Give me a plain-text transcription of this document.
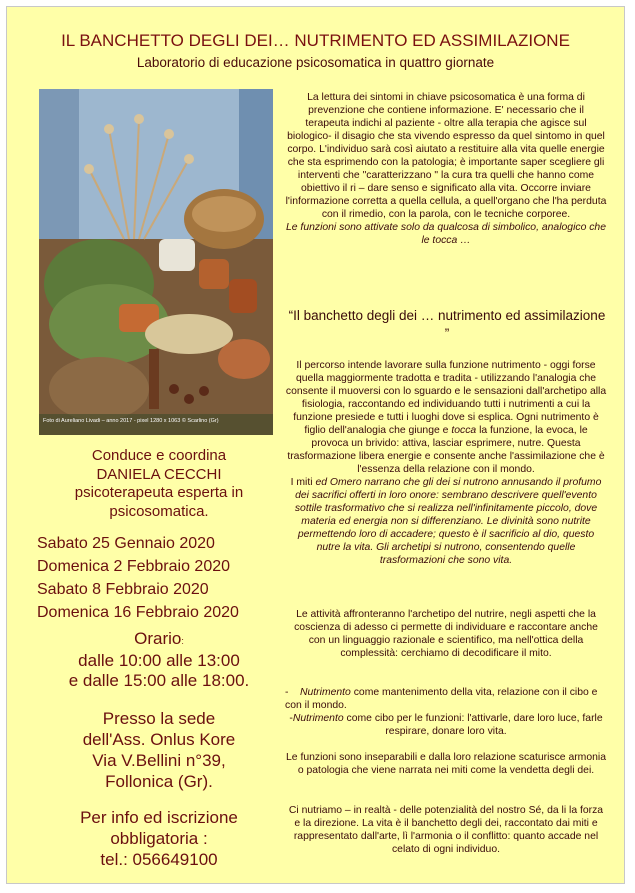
IL BANCHETTO DEGLI DEI… NUTRIMENTO ED ASSIMILAZIONE
Laboratorio di educazione psicosomatica in quattro giornate
Foto di Aureliano Livadi – anno 2017 - pixel 1280 x 1063 © Scarlino (Gr)

La lettura dei sintomi in chiave psicosomatica è una forma di prevenzione che contiene informazione. E' necessario che il terapeuta indichi al paziente - oltre alla terapia che agisce sul biologico- il disagio che sta vivendo espresso da quel sintomo in quel corpo. L'individuo sarà così aiutato a restituire alla vita quelle energie che sta esprimendo con la patologia; è importante saper scegliere gli interventi che "caratterizzano " la cura tra quelli che hanno come obiettivo il ri – dare senso e significato alla vita. Occorre inviare l'informazione corretta a quella cellula, a quell'organo che l'ha perduta con il rimedio, con la parola, con le tecniche corporee.
Le funzioni sono attivate solo da qualcosa di simbolico, analogico che le tocca …

“Il banchetto degli dei … nutrimento ed assimilazione ”

Il percorso intende lavorare sulla funzione nutrimento - oggi forse quella maggiormente tradotta e tradita - utilizzando l'analogia che consente il muoversi con lo sguardo e le sensazioni dall'archetipo alla fisiologia, raccontando ed individuando tutti i nutrimenti a cui la funzione presiede e tutti i luoghi dove si esplica. Ogni nutrimento è figlio dell'analogia che giunge e tocca la funzione, la evoca, le provoca un brivido: attiva, lasciar esprimere, nutre. Questa trasformazione libera energie e consente anche l'assimilazione che è l'essenza della relazione con il mondo.
I miti ed Omero narrano che gli dei si nutrono annusando il profumo dei sacrifici offerti in loro onore: sembrano descrivere quell'evento sottile trasformativo che si realizza nell'infinitamente piccolo, dove materia ed energia non si differenziano. Le divinità sono nutrite permettendo loro di accadere; questo è il sacrificio al dio, questo nutre la vita. Gli archetipi si nutrono, consentendo quelle trasformazioni che sono vita.

Le attività affronteranno l'archetipo del nutrire, negli aspetti che la coscienza di adesso ci permette di individuare e raccontare anche con un linguaggio razionale e scientifico, ma nell'ottica della complessità: cerchiamo di decodificare il mito.

-    Nutrimento come mantenimento della vita, relazione con il cibo e con il mondo.
-Nutrimento come cibo per le funzioni: l'attivarle, dare loro luce, farle respirare, donare loro vita.

Le funzioni sono inseparabili e dalla loro relazione scaturisce armonia o patologia che viene narrata nei miti come la vendetta degli dei.

Ci nutriamo – in realtà - delle potenzialità del nostro Sé, da li la forza e la direzione. La vita è il banchetto degli dei, raccontato dai miti e rappresentato dall'arte, lì l'armonia o il conflitto: quanto accade nel celato di ogni individuo.

Conduce e coordina
DANIELA CECCHI
psicoterapeuta esperta in psicosomatica.
Sabato 25 Gennaio 2020
Domenica 2 Febbraio 2020
Sabato 8 Febbraio 2020
Domenica 16 Febbraio 2020
Orario:
dalle 10:00 alle 13:00
e dalle 15:00 alle 18:00.
Presso la sede
dell'Ass. Onlus Kore
Via V.Bellini n°39,
Follonica (Gr).
Per info ed iscrizione
obbligatoria :
tel.: 056649100
